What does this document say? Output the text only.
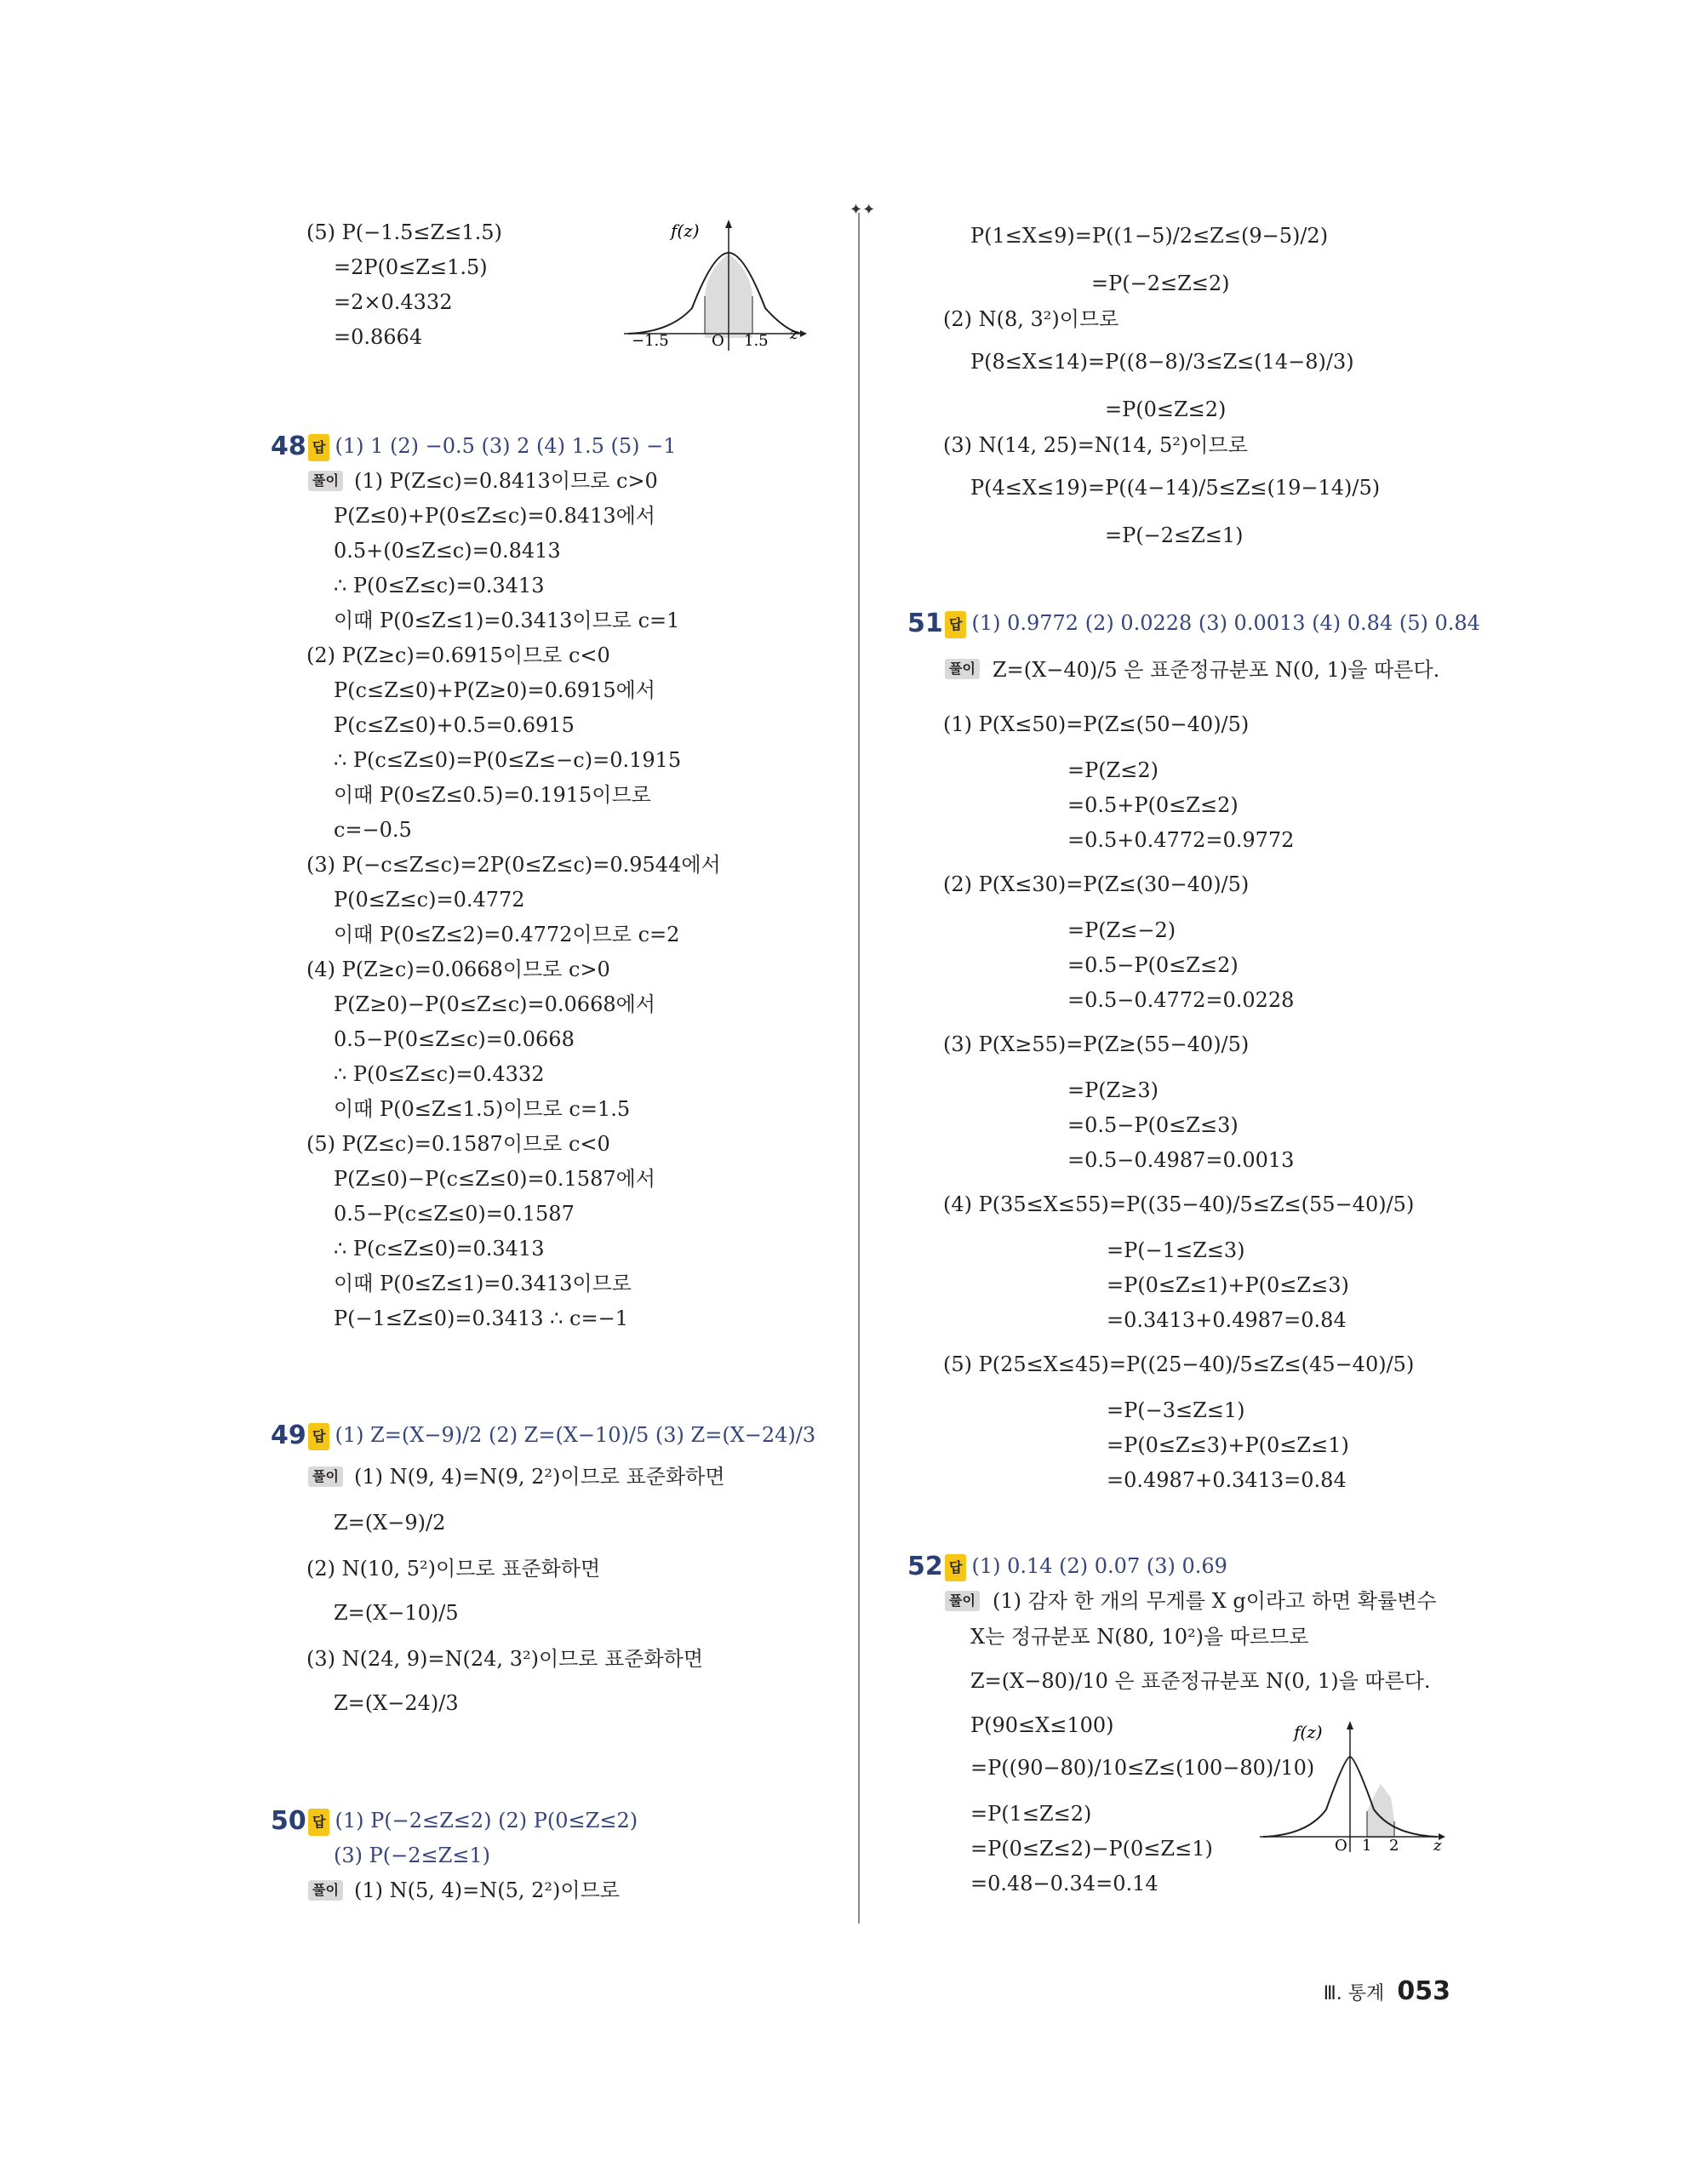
(5) P(−1.5≤Z≤1.5)
=2P(0≤Z≤1.5)
=2×0.4332
=0.8664
f(z)
z
−1.5	O 1.5
48 답 (1) 1 (2) −0.5 (3) 2 (4) 1.5 (5) −1
풀이 (1) P(Z≤c)=0.8413이므로 c>0
P(Z≤0)+P(0≤Z≤c)=0.8413에서
0.5+(0≤Z≤c)=0.8413
∴ P(0≤Z≤c)=0.3413
이때 P(0≤Z≤1)=0.3413이므로 c=1
(2) P(Z≥c)=0.6915이므로 c<0
P(c≤Z≤0)+P(Z≥0)=0.6915에서
P(c≤Z≤0)+0.5=0.6915
∴ P(c≤Z≤0)=P(0≤Z≤−c)=0.1915
이때 P(0≤Z≤0.5)=0.1915이므로
c=−0.5
(3) P(−c≤Z≤c)=2P(0≤Z≤c)=0.9544에서
P(0≤Z≤c)=0.4772
이때 P(0≤Z≤2)=0.4772이므로 c=2
(4) P(Z≥c)=0.0668이므로 c>0
P(Z≥0)−P(0≤Z≤c)=0.0668에서
0.5−P(0≤Z≤c)=0.0668
∴ P(0≤Z≤c)=0.4332
이때 P(0≤Z≤1.5)이므로 c=1.5
(5) P(Z≤c)=0.1587이므로 c<0
P(Z≤0)−P(c≤Z≤0)=0.1587에서
0.5−P(c≤Z≤0)=0.1587
∴ P(c≤Z≤0)=0.3413
이때 P(0≤Z≤1)=0.3413이므로
P(−1≤Z≤0)=0.3413 ∴ c=−1
49 답 (1) Z=(X−9)/2 (2) Z=(X−10)/5 (3) Z=(X−24)/3
풀이 (1) N(9, 4)=N(9, 2²)이므로 표준화하면
Z=(X−9)/2
(2) N(10, 5²)이므로 표준화하면
Z=(X−10)/5
(3) N(24, 9)=N(24, 3²)이므로 표준화하면
Z=(X−24)/3
50 답 (1) P(−2≤Z≤2) (2) P(0≤Z≤2)
(3) P(−2≤Z≤1)
풀이 (1) N(5, 4)=N(5, 2²)이므로
✦✦
P(1≤X≤9)=P((1−5)/2≤Z≤(9−5)/2)
=P(−2≤Z≤2)
(2) N(8, 3²)이므로
P(8≤X≤14)=P((8−8)/3≤Z≤(14−8)/3)
=P(0≤Z≤2)
(3) N(14, 25)=N(14, 5²)이므로
P(4≤X≤19)=P((4−14)/5≤Z≤(19−14)/5)
=P(−2≤Z≤1)
51 답 (1) 0.9772 (2) 0.0228 (3) 0.0013 (4) 0.84 (5) 0.84
풀이 Z=(X−40)/5 은 표준정규분포 N(0, 1)을 따른다.
(1) P(X≤50)=P(Z≤(50−40)/5)
=P(Z≤2)
=0.5+P(0≤Z≤2)
=0.5+0.4772=0.9772
(2) P(X≤30)=P(Z≤(30−40)/5)
=P(Z≤−2)
=0.5−P(0≤Z≤2)
=0.5−0.4772=0.0228
(3) P(X≥55)=P(Z≥(55−40)/5)
=P(Z≥3)
=0.5−P(0≤Z≤3)
=0.5−0.4987=0.0013
(4) P(35≤X≤55)=P((35−40)/5≤Z≤(55−40)/5)
=P(−1≤Z≤3)
=P(0≤Z≤1)+P(0≤Z≤3)
=0.3413+0.4987=0.84
(5) P(25≤X≤45)=P((25−40)/5≤Z≤(45−40)/5)
=P(−3≤Z≤1)
=P(0≤Z≤3)+P(0≤Z≤1)
=0.4987+0.3413=0.84
52 답 (1) 0.14 (2) 0.07 (3) 0.69
풀이 (1) 감자 한 개의 무게를 X g이라고 하면 확률변수
X는 정규분포 N(80, 10²)을 따르므로
Z=(X−80)/10 은 표준정규분포 N(0, 1)을 따른다.
P(90≤X≤100)
=P((90−80)/10≤Z≤(100−80)/10)
=P(1≤Z≤2)
=P(0≤Z≤2)−P(0≤Z≤1)
=0.48−0.34=0.14
f(z)
z
O 1 2
Ⅲ. 통계 053
